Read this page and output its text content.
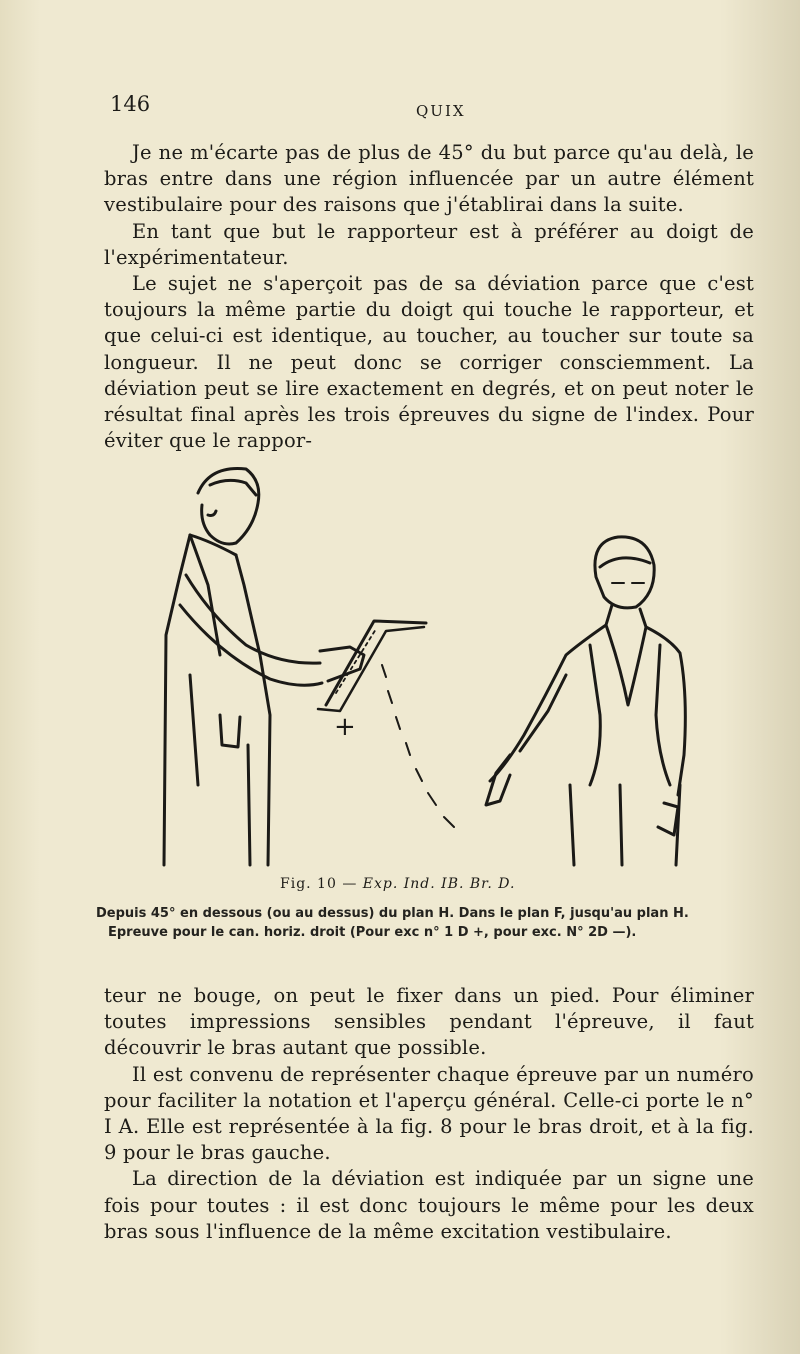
146	QUIX

Je ne m'écarte pas de plus de 45° du but parce qu'au delà, le bras entre dans une région influencée par un autre élément vestibulaire pour des raisons que j'établirai dans la suite.

En tant que but le rapporteur est à préférer au doigt de l'expérimentateur.

Le sujet ne s'aperçoit pas de sa déviation parce que c'est toujours la même partie du doigt qui touche le rapporteur, et que celui-ci est identique, au toucher, au toucher sur toute sa longueur. Il ne peut donc se corriger consciemment. La déviation peut se lire exactement en degrés, et on peut noter le résultat final après les trois épreuves du signe de l'index. Pour éviter que le rappor-

+
Fig. 10 — Exp. Ind. IB. Br. D.
Depuis 45° en dessous (ou au dessus) du plan H. Dans le plan F, jusqu'au plan H.
Epreuve pour le can. horiz. droit (Pour exc n° 1 D +, pour exc. N° 2D —).

teur ne bouge, on peut le fixer dans un pied. Pour éliminer toutes impressions sensibles pendant l'épreuve, il faut découvrir le bras autant que possible.

Il est convenu de représenter chaque épreuve par un numéro pour faciliter la notation et l'aperçu général. Celle-ci porte le n° I A. Elle est représentée à la fig. 8 pour le bras droit, et à la fig. 9 pour le bras gauche.

La direction de la déviation est indiquée par un signe une fois pour toutes : il est donc toujours le même pour les deux bras sous l'influence de la même excitation vestibulaire.
